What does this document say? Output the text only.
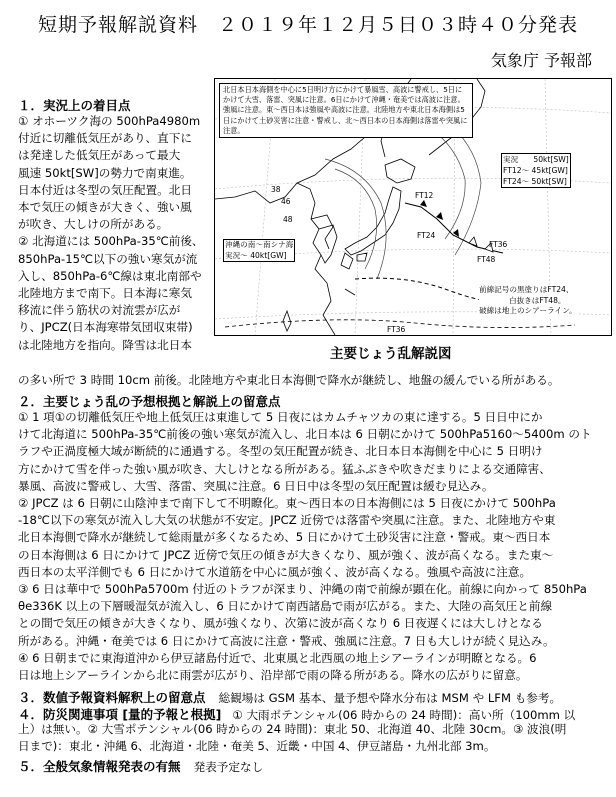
短期予報解説資料　２０１９年１２月５日０３時４０分発表
気象庁 予報部
１．実況上の着目点

① オホーツク海の 500hPa4980m

付近に切離低気圧があり、直下に

は発達した低気圧があって最大

風速 50kt[SW]の勢力で南東進。

日本付近は冬型の気圧配置。北日

本で気圧の傾きが大きく、強い風

が吹き、大しけの所がある。

② 北海道には 500hPa-35℃前後、

850hPa-15℃以下の強い寒気が流

入し、850hPa-6℃線は東北南部や

北陸地方まで南下。日本海に寒気

移流に伴う筋状の対流雲が広が

り、JPCZ(日本海寒帯気団収束帯)

は北陸地方を指向。降雪は北日本

北日本日本海側を中心に5日明け方にかけて暴風雪、高波に警戒し、5日にかけて大雪、落雷、突風に注意。6日にかけて沖縄・奄美では高波に注意。強風に注意。東～西日本は強風や高波に注意。北陸地方や東北日本海側は5日にかけて土砂災害に注意・警戒し、北～西日本の日本海側は落雷や突風に注意。
実況　　50kt[SW]
FT12～ 45kt[GW]
FT24～ 50kt[SW]
FT12
FT24
FT36
FT48
FT36
38
46
48
沖縄の南～南シナ海
実況～ 40kt[GW]
前線記号の黒塗りはFT24、
白抜きはFT48。
破線は地上のシアーライン。
主要じょう乱解説図
の多い所で 3 時間 10cm 前後。北陸地方や東北日本海側で降水が継続し、地盤の緩んでいる所がある。
２．主要じょう乱の予想根拠と解説上の留意点

① 1 項①の切離低気圧や地上低気圧は東進して 5 日夜にはカムチャツカの東に達する。5 日日中にか

けて北海道に 500hPa-35℃前後の強い寒気が流入し、北日本は 6 日朝にかけて 500hPa5160～5400m のト

ラフや正渦度極大域が断続的に通過する。冬型の気圧配置が続き、北日本日本海側を中心に 5 日明け

方にかけて雪を伴った強い風が吹き、大しけとなる所がある。猛ふぶきや吹きだまりによる交通障害、

暴風、高波に警戒し、大雪、落雷、突風に注意。6 日日中は冬型の気圧配置は緩む見込み。

② JPCZ は 6 日朝に山陰沖まで南下して不明瞭化。東～西日本の日本海側には 5 日夜にかけて 500hPa

-18℃以下の寒気が流入し大気の状態が不安定。JPCZ 近傍では落雷や突風に注意。また、北陸地方や東

北日本海側で降水が継続して総雨量が多くなるため、5 日にかけて土砂災害に注意・警戒。東～西日本

の日本海側は 6 日にかけて JPCZ 近傍で気圧の傾きが大きくなり、風が強く、波が高くなる。また東～

西日本の太平洋側でも 6 日にかけて水道筋を中心に風が強く、波が高くなる。強風や高波に注意。

③ 6 日は華中で 500hPa5700m 付近のトラフが深まり、沖縄の南で前線が顕在化。前線に向かって 850hPa

θe336K 以上の下層暖湿気が流入し、6 日にかけて南西諸島で雨が広がる。また、大陸の高気圧と前線

との間で気圧の傾きが大きくなり、風が強くなり、次第に波が高くなり 6 日夜遅くには大しけとなる

所がある。沖縄・奄美では 6 日にかけて高波に注意・警戒、強風に注意。7 日も大しけが続く見込み。

④ 6 日朝までに東海道沖から伊豆諸島付近で、北東風と北西風の地上シアーラインが明瞭となる。6

日は地上シアーラインから北に雨雲が広がり、沿岸部で雨の降る所がある。降水の広がりに留意。

３．数値予報資料解釈上の留意点 総観場は GSM 基本、量予想や降水分布は MSM や LFM も参考。
４．防災関連事項 [量的予報と根拠] ① 大雨ポテンシャル(06 時からの 24 時間)：高い所（100mm 以

上）は無い。② 大雪ポテンシャル(06 時からの 24 時間)：東北 50、北海道 40、北陸 30cm。③ 波浪(明

日まで)：東北・沖縄 6、北海道・北陸・奄美 5、近畿・中国 4、伊豆諸島・九州北部 3m。

５．全般気象情報発表の有無 発表予定なし
